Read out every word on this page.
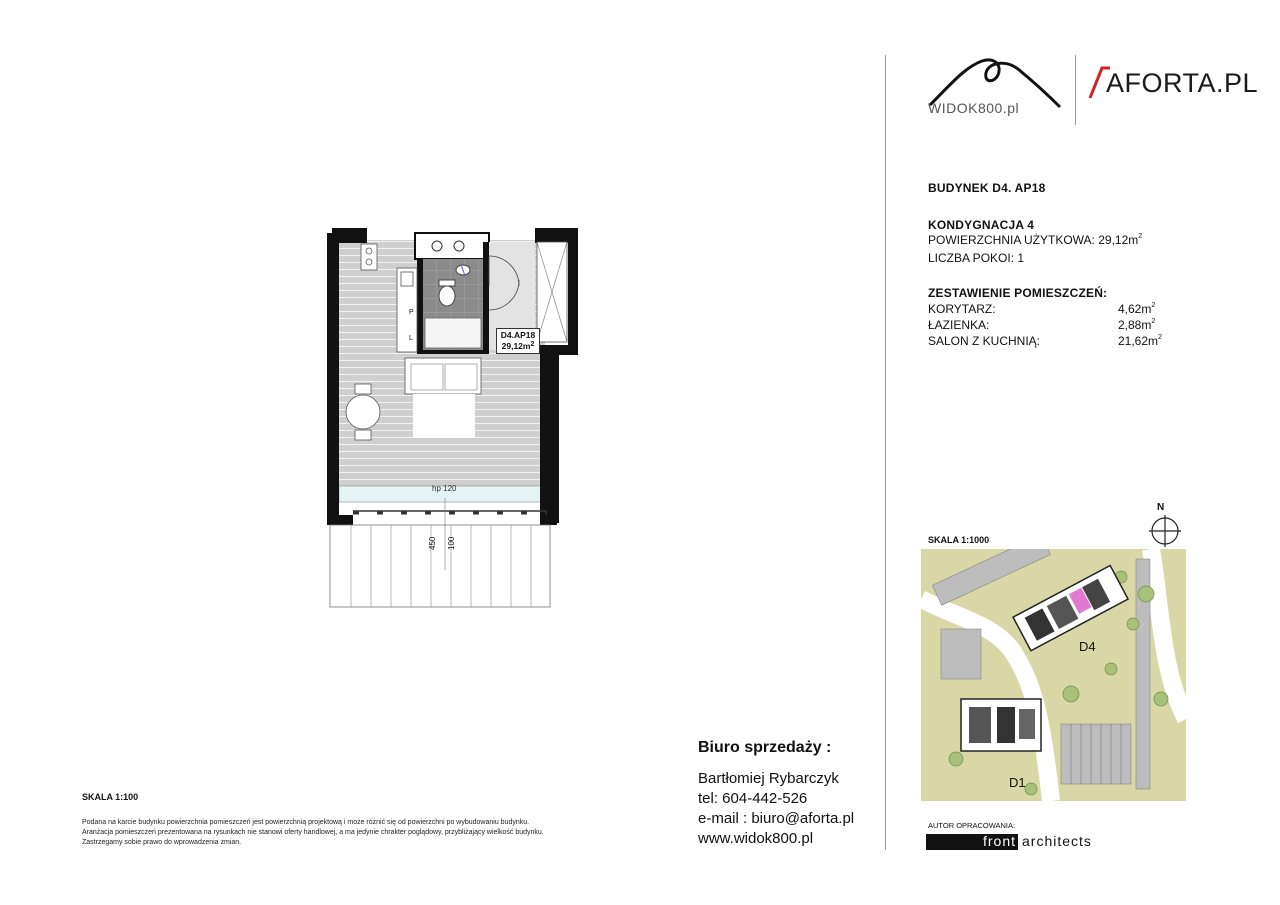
WIDOK800.pl
AFORTA.PL
BUDYNEK D4. AP18
KONDYGNACJA 4
POWIERZCHNIA UŻYTKOWA: $29,12m^2$
LICZBA POKOI: 1
ZESTAWIENIE POMIESZCZEŃ:
KORYTARZ:	$4,62m^2$
ŁAZIENKA:	$2,88m^2$
SALON Z KUCHNIĄ:	$21,62m^2$
D4.AP18
$29,12m^2$
L
P
hp 120
450 100
N
SKALA 1:1000
D4
D1
AUTOR OPRACOWANIA:
front architects
Biuro sprzedaży :
Bartłomiej Rybarczyk
tel: 604-442-526
e-mail : biuro@aforta.pl
www.widok800.pl
SKALA 1:100
Podana na karcie budynku powierzchnia pomieszczeń jest powierzchnią projektową i może różnić się od powierzchni po wybudowaniu budynku.
Aranżacja pomieszczeń prezentowana na rysunkach nie stanowi oferty handlowej, a ma jedynie chrakter poglądowy, przybliżający wielkość budynku.
Zastrzegamy sobie prawo do wprowadzenia zmian.
